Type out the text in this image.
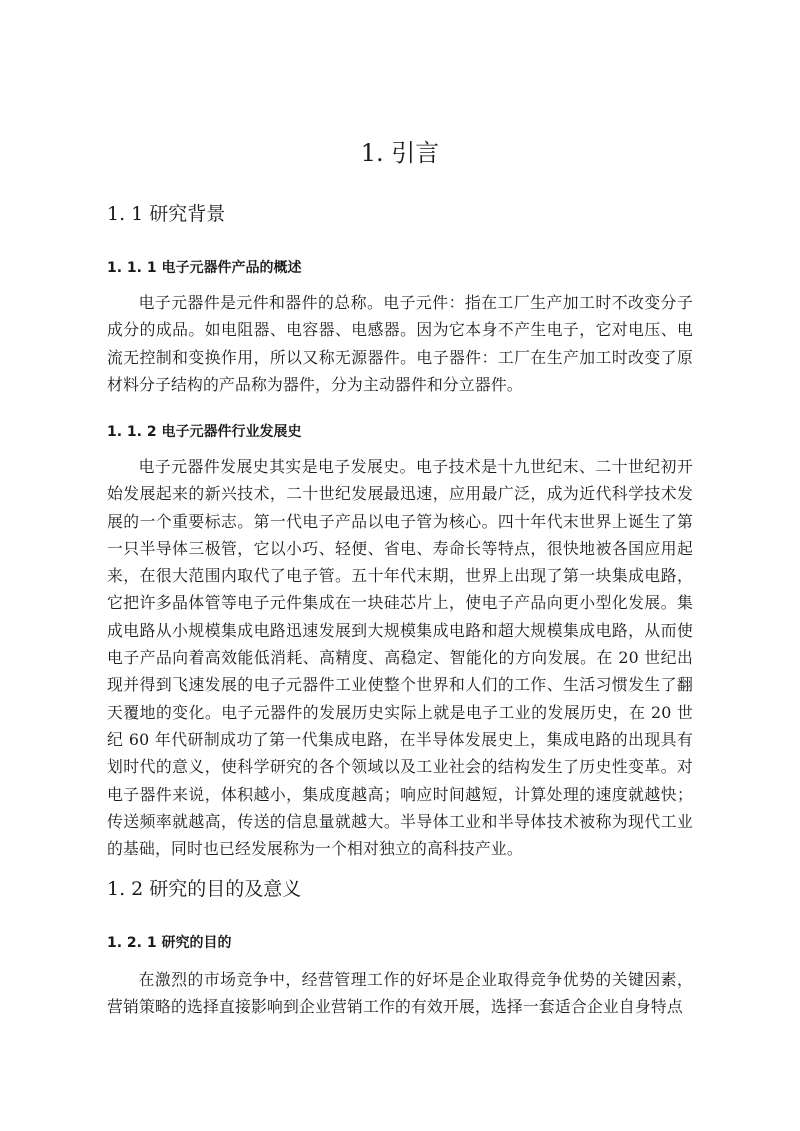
1. 引言
1. 1 研究背景
1. 1. 1 电子元器件产品的概述

电子元器件是元件和器件的总称。电子元件：指在工厂生产加工时不改变分子成分的成品。如电阻器、电容器、电感器。因为它本身不产生电子，它对电压、电流无控制和变换作用，所以又称无源器件。电子器件：工厂在生产加工时改变了原材料分子结构的产品称为器件，分为主动器件和分立器件。

1. 1. 2 电子元器件行业发展史

电子元器件发展史其实是电子发展史。电子技术是十九世纪末、二十世纪初开始发展起来的新兴技术，二十世纪发展最迅速，应用最广泛，成为近代科学技术发展的一个重要标志。第一代电子产品以电子管为核心。四十年代末世界上诞生了第一只半导体三极管，它以小巧、轻便、省电、寿命长等特点，很快地被各国应用起来，在很大范围内取代了电子管。五十年代末期，世界上出现了第一块集成电路，它把许多晶体管等电子元件集成在一块硅芯片上，使电子产品向更小型化发展。集成电路从小规模集成电路迅速发展到大规模集成电路和超大规模集成电路，从而使电子产品向着高效能低消耗、高精度、高稳定、智能化的方向发展。在 20 世纪出现并得到飞速发展的电子元器件工业使整个世界和人们的工作、生活习惯发生了翻天覆地的变化。电子元器件的发展历史实际上就是电子工业的发展历史，在 20 世纪 60 年代研制成功了第一代集成电路，在半导体发展史上，集成电路的出现具有划时代的意义，使科学研究的各个领域以及工业社会的结构发生了历史性变革。对电子器件来说，体积越小，集成度越高；响应时间越短，计算处理的速度就越快；传送频率就越高，传送的信息量就越大。半导体工业和半导体技术被称为现代工业的基础，同时也已经发展称为一个相对独立的高科技产业。

1. 2 研究的目的及意义
1. 2. 1 研究的目的

在激烈的市场竞争中，经营管理工作的好坏是企业取得竞争优势的关键因素，营销策略的选择直接影响到企业营销工作的有效开展，选择一套适合企业自身特点
